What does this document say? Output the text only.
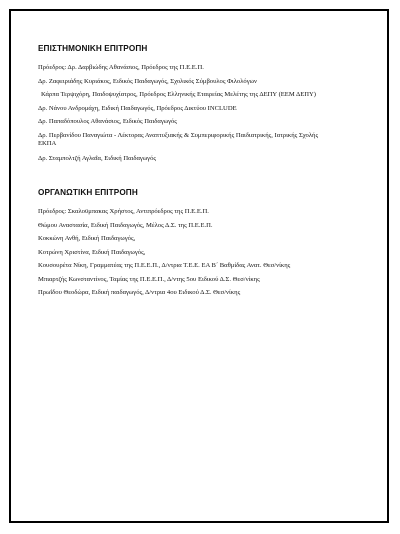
ΕΠΙΣΤΗΜΟΝΙΚΗ ΕΠΙΤΡΟΠΗ
Πρόεδρος: Δρ. Δαρβιώδης Αθανάσιος, Πρόεδρος της Π.Ε.Ε.Π.
Δρ. Ζαφειριάδης Κυριάκος, Ειδικός Παιδαγωγός, Σχολικός Σύμβουλος Φιλολόγων
Κάρπα Τερψιχόρη, Παιδοψυχίατρος, Πρόεδρος Ελληνικής Εταιρείας Μελέτης της ΔΕΠΥ (ΕΕΜ ΔΕΠΥ)
Δρ. Νάνου Ανδρομάχη, Ειδική Παιδαγωγός, Πρόεδρος Δικτύου INCLUDE
Δρ. Παπαδόπουλος Αθανάσιος, Ειδικός Παιδαγωγός
Δρ. Περβανίδου Παναγιώτα - Λέκτορας Αναπτυξιακής & Συμπεριφορικής Παιδιατρικής, Ιατρικής Σχολής ΕΚΠΑ
Δρ. Σταμπολτζή Αγλαΐα, Ειδική Παιδαγωγός
ΟΡΓΑΝΩΤΙΚΗ ΕΠΙΤΡΟΠΗ
Πρόεδρος: Σκαλοϋμπακας Χρήστος, Αντιπρόεδρος της Π.Ε.Ε.Π.
Θώμου Αναστασία, Ειδική Παιδαγωγός, Μέλος Δ.Σ. της Π.Ε.Ε.Π.
Κοκκώνη Ανθή, Ειδική Παιδαγωγός,
Κοτρώνη Χριστίνα, Ειδική Παιδαγωγός,
Κουσουρέτα Νίκη, Γραμματέας της Π.Ε.Ε.Π., Δ/ντρια Τ.Ε.Ε. ΕΑ Β΄ Βαθμίδας Ανατ. Θεσ/νίκης
Μπιαρτζής Κωνσταντίνος, Ταμίας της Π.Ε.Ε.Π., Δ/ντης 5ου Ειδικού Δ.Σ. Θεσ/νίκης
Πρωΐδου Θεοδώρα, Ειδική παιδαγωγός, Δ/ντρια 4ου Ειδικού Δ.Σ. Θεσ/νίκης
